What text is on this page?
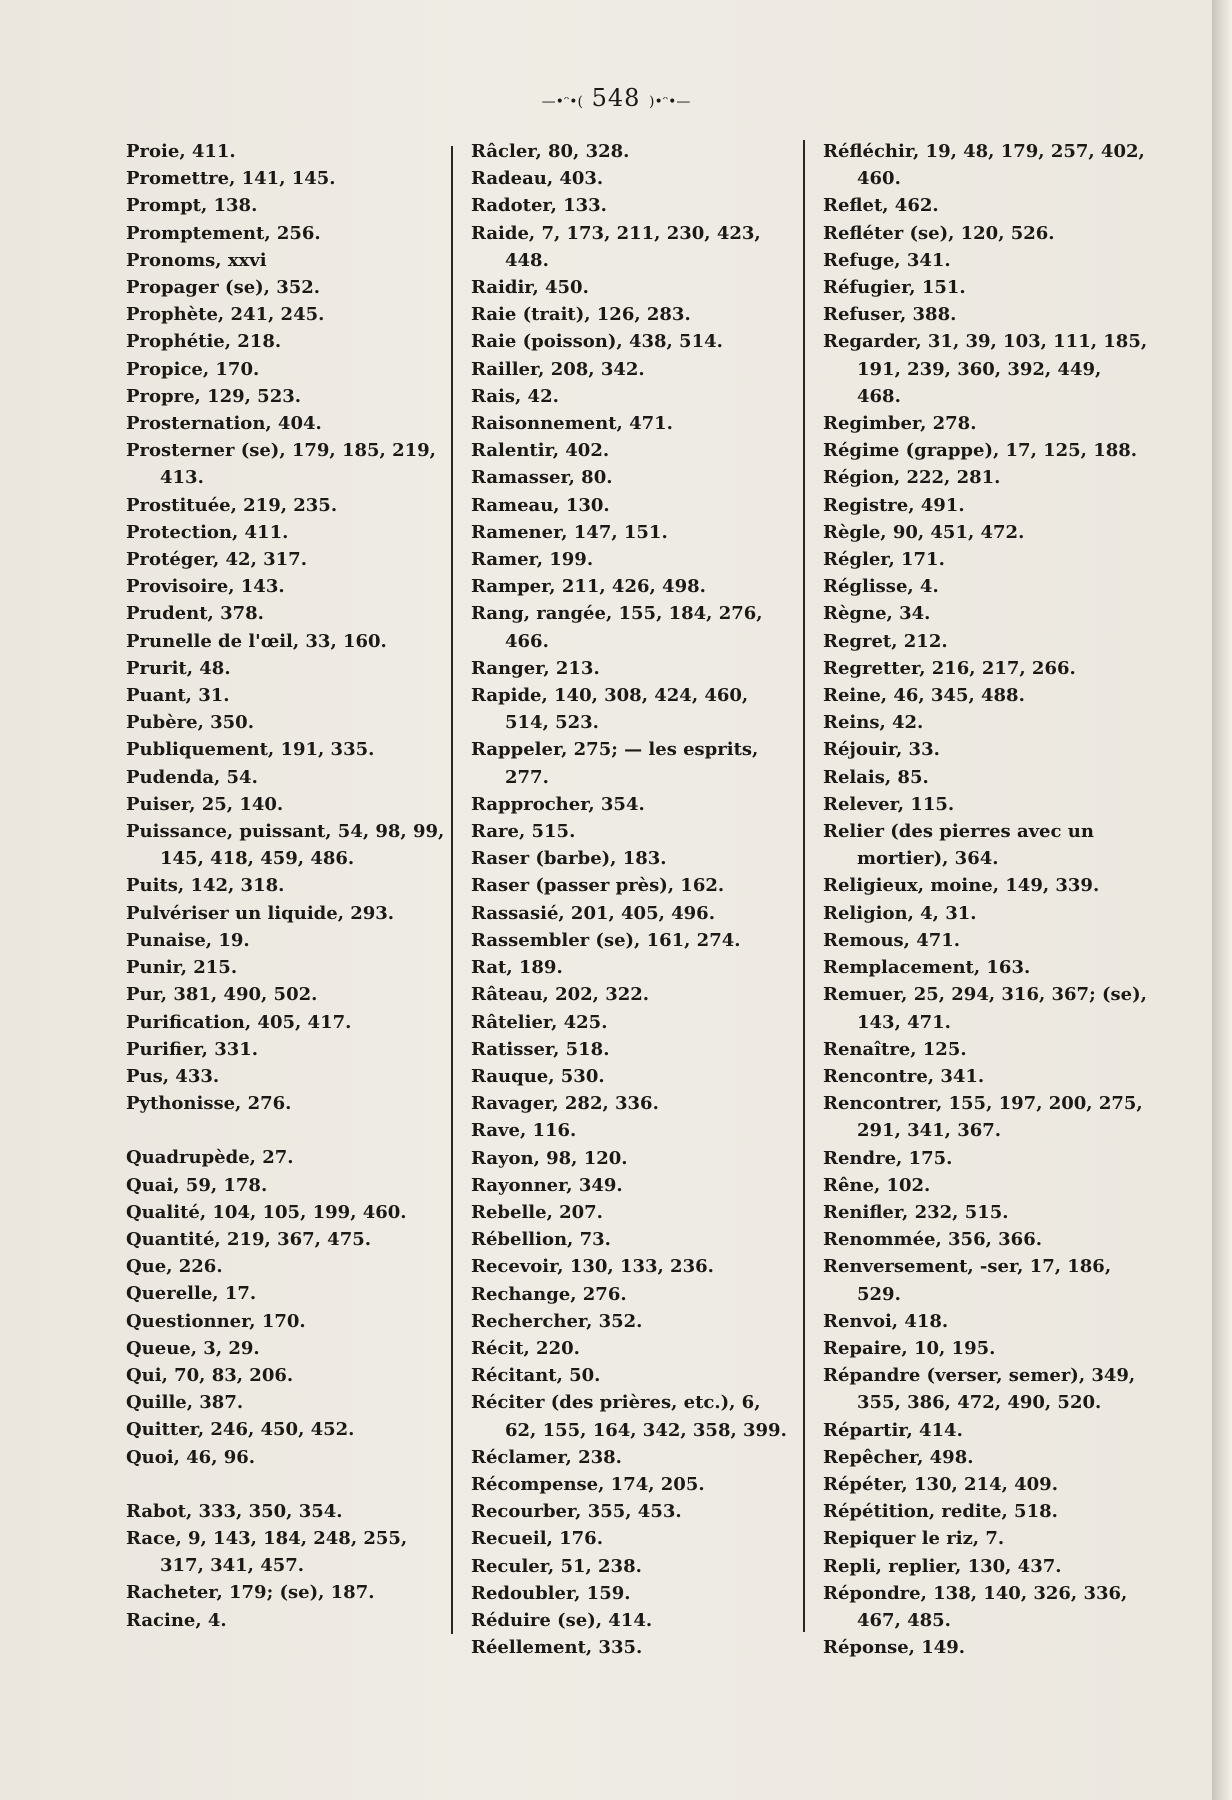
—•ᵔ•( 548 )•ᵔ•—
Proie, 411.
Promettre, 141, 145.
Prompt, 138.
Promptement, 256.
Pronoms, xxvi
Propager (se), 352.
Prophète, 241, 245.
Prophétie, 218.
Propice, 170.
Propre, 129, 523.
Prosternation, 404.
Prosterner (se), 179, 185, 219, 413.
Prostituée, 219, 235.
Protection, 411.
Protéger, 42, 317.
Provisoire, 143.
Prudent, 378.
Prunelle de l'œil, 33, 160.
Prurit, 48.
Puant, 31.
Pubère, 350.
Publiquement, 191, 335.
Pudenda, 54.
Puiser, 25, 140.
Puissance, puissant, 54, 98, 99, 145, 418, 459, 486.
Puits, 142, 318.
Pulvériser un liquide, 293.
Punaise, 19.
Punir, 215.
Pur, 381, 490, 502.
Purification, 405, 417.
Purifier, 331.
Pus, 433.
Pythonisse, 276.
Quadrupède, 27.
Quai, 59, 178.
Qualité, 104, 105, 199, 460.
Quantité, 219, 367, 475.
Que, 226.
Querelle, 17.
Questionner, 170.
Queue, 3, 29.
Qui, 70, 83, 206.
Quille, 387.
Quitter, 246, 450, 452.
Quoi, 46, 96.
Rabot, 333, 350, 354.
Race, 9, 143, 184, 248, 255, 317, 341, 457.
Racheter, 179; (se), 187.
Racine, 4.
Râcler, 80, 328.
Radeau, 403.
Radoter, 133.
Raide, 7, 173, 211, 230, 423, 448.
Raidir, 450.
Raie (trait), 126, 283.
Raie (poisson), 438, 514.
Railler, 208, 342.
Rais, 42.
Raisonnement, 471.
Ralentir, 402.
Ramasser, 80.
Rameau, 130.
Ramener, 147, 151.
Ramer, 199.
Ramper, 211, 426, 498.
Rang, rangée, 155, 184, 276, 466.
Ranger, 213.
Rapide, 140, 308, 424, 460, 514, 523.
Rappeler, 275; — les esprits, 277.
Rapprocher, 354.
Rare, 515.
Raser (barbe), 183.
Raser (passer près), 162.
Rassasié, 201, 405, 496.
Rassembler (se), 161, 274.
Rat, 189.
Râteau, 202, 322.
Râtelier, 425.
Ratisser, 518.
Rauque, 530.
Ravager, 282, 336.
Rave, 116.
Rayon, 98, 120.
Rayonner, 349.
Rebelle, 207.
Rébellion, 73.
Recevoir, 130, 133, 236.
Rechange, 276.
Rechercher, 352.
Récit, 220.
Récitant, 50.
Réciter (des prières, etc.), 6, 62, 155, 164, 342, 358, 399.
Réclamer, 238.
Récompense, 174, 205.
Recourber, 355, 453.
Recueil, 176.
Reculer, 51, 238.
Redoubler, 159.
Réduire (se), 414.
Réellement, 335.
Réfléchir, 19, 48, 179, 257, 402, 460.
Reflet, 462.
Refléter (se), 120, 526.
Refuge, 341.
Réfugier, 151.
Refuser, 388.
Regarder, 31, 39, 103, 111, 185, 191, 239, 360, 392, 449, 468.
Regimber, 278.
Régime (grappe), 17, 125, 188.
Région, 222, 281.
Registre, 491.
Règle, 90, 451, 472.
Régler, 171.
Réglisse, 4.
Règne, 34.
Regret, 212.
Regretter, 216, 217, 266.
Reine, 46, 345, 488.
Reins, 42.
Réjouir, 33.
Relais, 85.
Relever, 115.
Relier (des pierres avec un mortier), 364.
Religieux, moine, 149, 339.
Religion, 4, 31.
Remous, 471.
Remplacement, 163.
Remuer, 25, 294, 316, 367; (se), 143, 471.
Renaître, 125.
Rencontre, 341.
Rencontrer, 155, 197, 200, 275, 291, 341, 367.
Rendre, 175.
Rêne, 102.
Renifler, 232, 515.
Renommée, 356, 366.
Renversement, -ser, 17, 186, 529.
Renvoi, 418.
Repaire, 10, 195.
Répandre (verser, semer), 349, 355, 386, 472, 490, 520.
Répartir, 414.
Repêcher, 498.
Répéter, 130, 214, 409.
Répétition, redite, 518.
Repiquer le riz, 7.
Repli, replier, 130, 437.
Répondre, 138, 140, 326, 336, 467, 485.
Réponse, 149.
